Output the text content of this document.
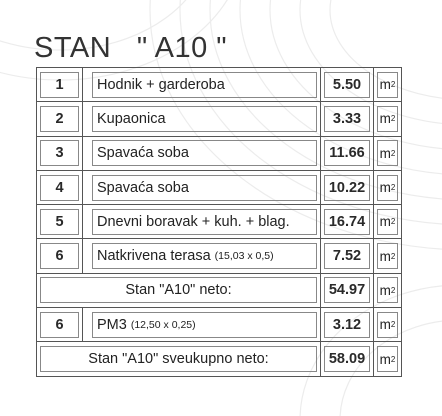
STAN   " A10 "
1	Hodnik + garderoba	5.50	m 2

2	Kupaonica	3.33	m 2

3	Spavaća soba	11.66	m 2

4	Spavaća soba	10.22	m 2

5	Dnevni boravak + kuh. + blag.	16.74	m 2

6	Natkrivena terasa (15,03 x 0,5)	7.52	m 2

Stan "A10" neto:		54.97	m 2

6	PM3 (12,50 x 0,25)	3.12	m 2

Stan "A10" sveukupno neto:		58.09	m 2
